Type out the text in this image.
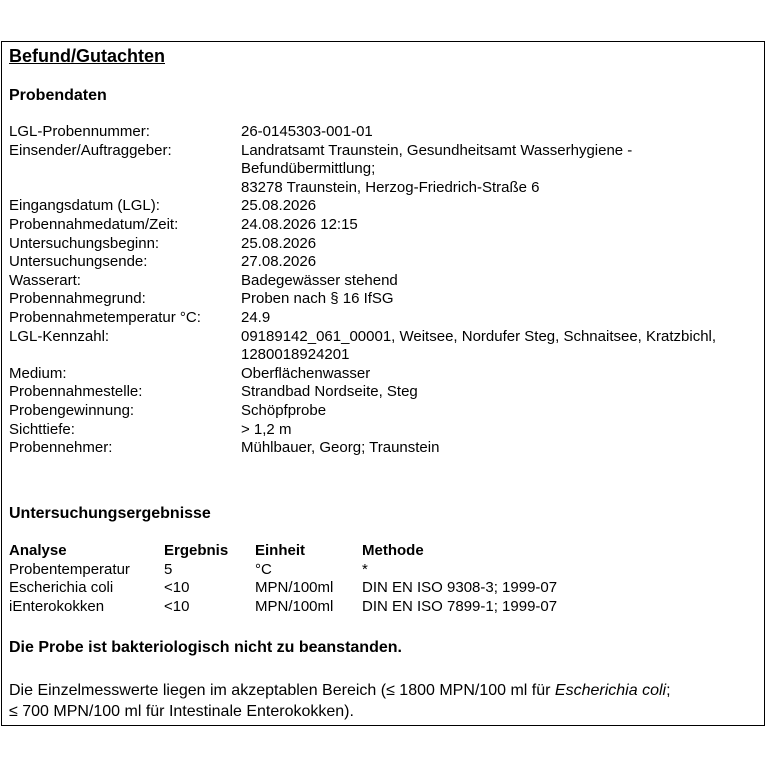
Befund/Gutachten
Probendaten
LGL-Probennummer:	26-0145303-001-01
Einsender/Auftraggeber:	Landratsamt Traunstein, Gesundheitsamt Wasserhygiene -
Befundübermittlung;
83278 Traunstein, Herzog-Friedrich-Straße 6
Eingangsdatum (LGL):	25.08.2026
Probennahmedatum/Zeit:	24.08.2026 12:15
Untersuchungsbeginn:	25.08.2026
Untersuchungsende:	27.08.2026
Wasserart:	Badegewässer stehend
Probennahmegrund:	Proben nach § 16 IfSG
Probennahmetemperatur °C:	24.9
LGL-Kennzahl:	09189142_061_00001, Weitsee, Nordufer Steg, Schnaitsee, Kratzbichl,
1280018924201
Medium:	Oberflächenwasser
Probennahmestelle:	Strandbad Nordseite, Steg
Probengewinnung:	Schöpfprobe
Sichttiefe:	> 1,2 m
Probennehmer:	Mühlbauer, Georg; Traunstein
Untersuchungsergebnisse
Analyse	Ergebnis	Einheit	Methode
Probentemperatur	5	°C	*
Escherichia coli	<10	MPN/100ml	DIN EN ISO 9308-3; 1999-07
iEnterokokken	<10	MPN/100ml	DIN EN ISO 7899-1; 1999-07
Die Probe ist bakteriologisch nicht zu beanstanden.
Die Einzelmesswerte liegen im akzeptablen Bereich (≤ 1800 MPN/100 ml für Escherichia coli;
≤ 700 MPN/100 ml für Intestinale Enterokokken).
